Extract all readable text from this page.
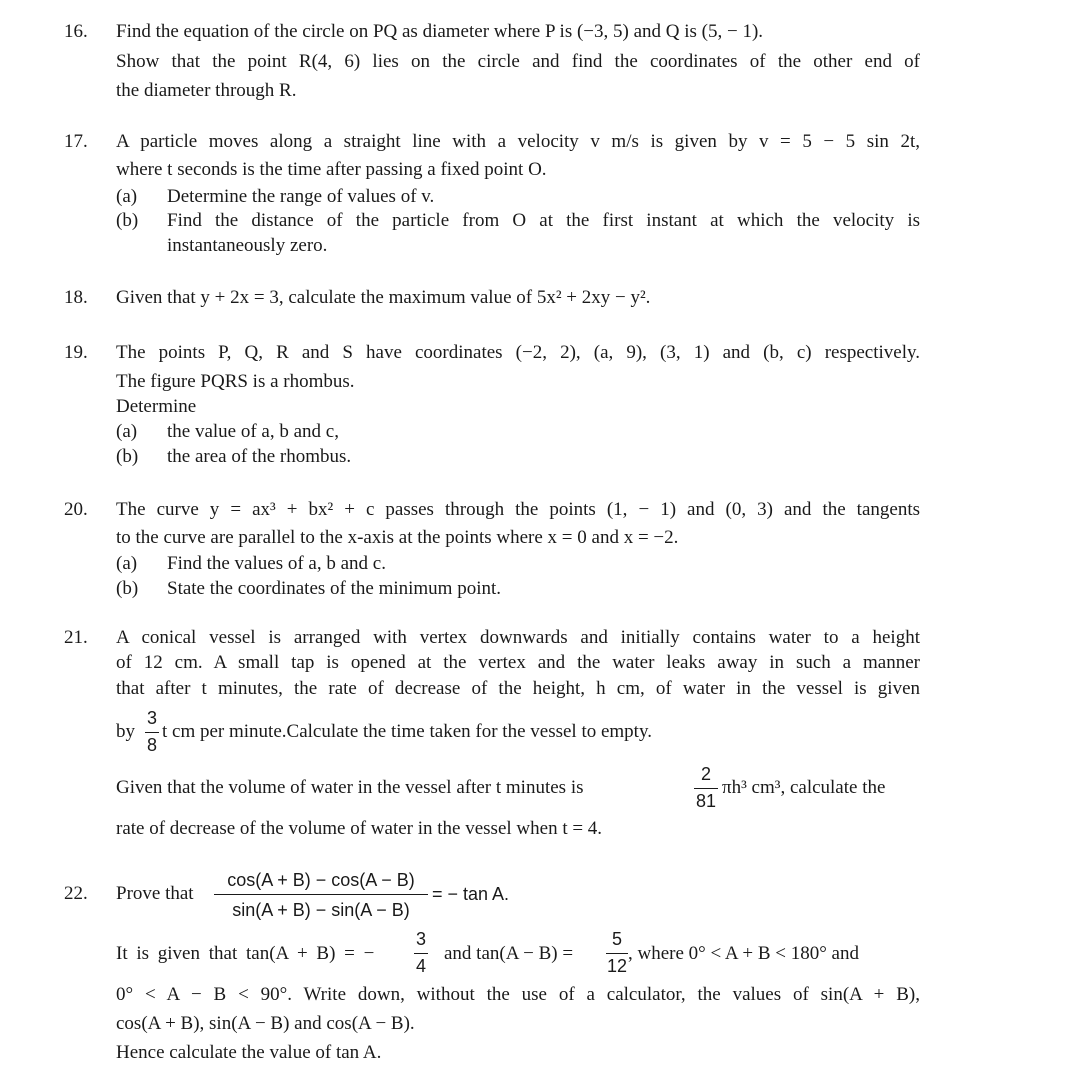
16. Find the equation of the circle on PQ as diameter where P is (−3, 5) and Q is (5, − 1).
Show that the point R(4, 6) lies on the circle and find the coordinates of the other end of
the diameter through R.
17. A particle moves along a straight line with a velocity v m/s is given by v = 5 − 5 sin 2t,
where t seconds is the time after passing a fixed point O.
(a) Determine the range of values of v.
(b) Find the distance of the particle from O at the first instant at which the velocity is
instantaneously zero.
18. Given that y + 2x = 3, calculate the maximum value of 5x² + 2xy − y².
19. The points P, Q, R and S have coordinates (−2, 2), (a, 9), (3, 1) and (b, c) respectively.
The figure PQRS is a rhombus.
Determine
(a) the value of a, b and c,
(b) the area of the rhombus.
20. The curve y = ax³ + bx² + c passes through the points (1, − 1) and (0, 3) and the tangents
to the curve are parallel to the x-axis at the points where x = 0 and x = −2.
(a) Find the values of a, b and c.
(b) State the coordinates of the minimum point.
21. A conical vessel is arranged with vertex downwards and initially contains water to a height
of 12 cm. A small tap is opened at the vertex and the water leaks away in such a manner
that after t minutes, the rate of decrease of the height, h cm, of water in the vessel is given
by
3
8
t cm per minute.Calculate the time taken for the vessel to empty.
Given that the volume of water in the vessel after t minutes is
2
81
πh³ cm³, calculate the
rate of decrease of the volume of water in the vessel when t = 4.
22. Prove that
cos(A + B) − cos(A − B)
sin(A + B) − sin(A − B)
= − tan A.
It is given that tan(A + B) = −
3
4
and tan(A − B) =
5
12
, where 0° < A + B < 180° and
0° < A − B < 90°. Write down, without the use of a calculator, the values of sin(A + B),
cos(A + B), sin(A − B) and cos(A − B).
Hence calculate the value of tan A.
